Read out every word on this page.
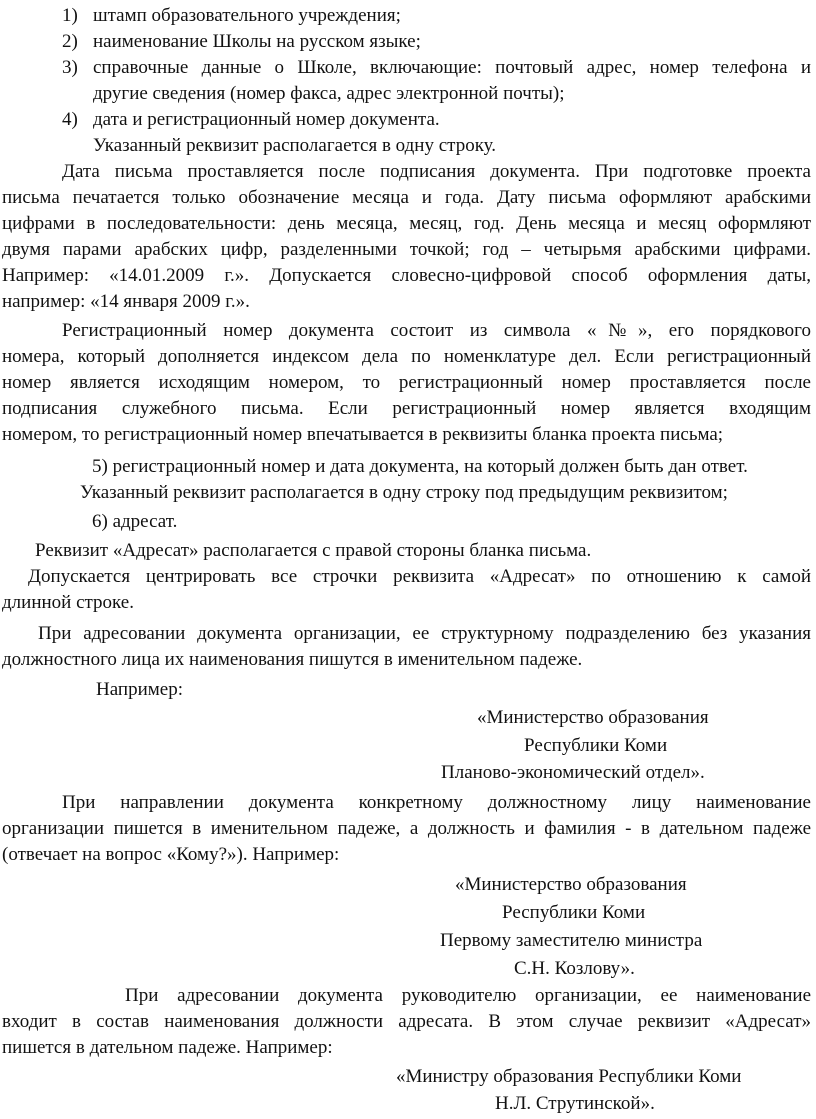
1) штамп образовательного учреждения;
2) наименование Школы на русском языке;
3) справочные данные о Школе, включающие: почтовый адрес, номер телефона и
другие сведения (номер факса, адрес электронной почты);
4) дата и регистрационный номер документа.
Указанный реквизит располагается в одну строку.
Дата письма проставляется после подписания документа. При подготовке проекта
письма печатается только обозначение месяца и года. Дату письма оформляют арабскими
цифрами в последовательности: день месяца, месяц, год. День месяца и месяц оформляют
двумя парами арабских цифр, разделенными точкой; год – четырьмя арабскими цифрами.
Например: «14.01.2009 г.». Допускается словесно-цифровой способ оформления даты,
например: «14 января 2009 г.».
Регистрационный номер документа состоит из символа «№», его порядкового
номера, который дополняется индексом дела по номенклатуре дел. Если регистрационный
номер является исходящим номером, то регистрационный номер проставляется после
подписания служебного письма. Если регистрационный номер является входящим
номером, то регистрационный номер впечатывается в реквизиты бланка проекта письма;
5) регистрационный номер и дата документа, на который должен быть дан ответ.
Указанный реквизит располагается в одну строку под предыдущим реквизитом;
6) адресат.
Реквизит «Адресат» располагается с правой стороны бланка письма.
Допускается центрировать все строчки реквизита «Адресат» по отношению к самой
длинной строке.
При адресовании документа организации, ее структурному подразделению без указания
должностного лица их наименования пишутся в именительном падеже.
Например:
«Министерство образования
Республики Коми
Планово-экономический отдел».
При направлении документа конкретному должностному лицу наименование
организации пишется в именительном падеже, а должность и фамилия - в дательном падеже
(отвечает на вопрос «Кому?»). Например:
«Министерство образования
Республики Коми
Первому заместителю министра
С.Н. Козлову».
При адресовании документа руководителю организации, ее наименование
входит в состав наименования должности адресата. В этом случае реквизит «Адресат»
пишется в дательном падеже. Например:
«Министру образования Республики Коми
Н.Л. Струтинской».
